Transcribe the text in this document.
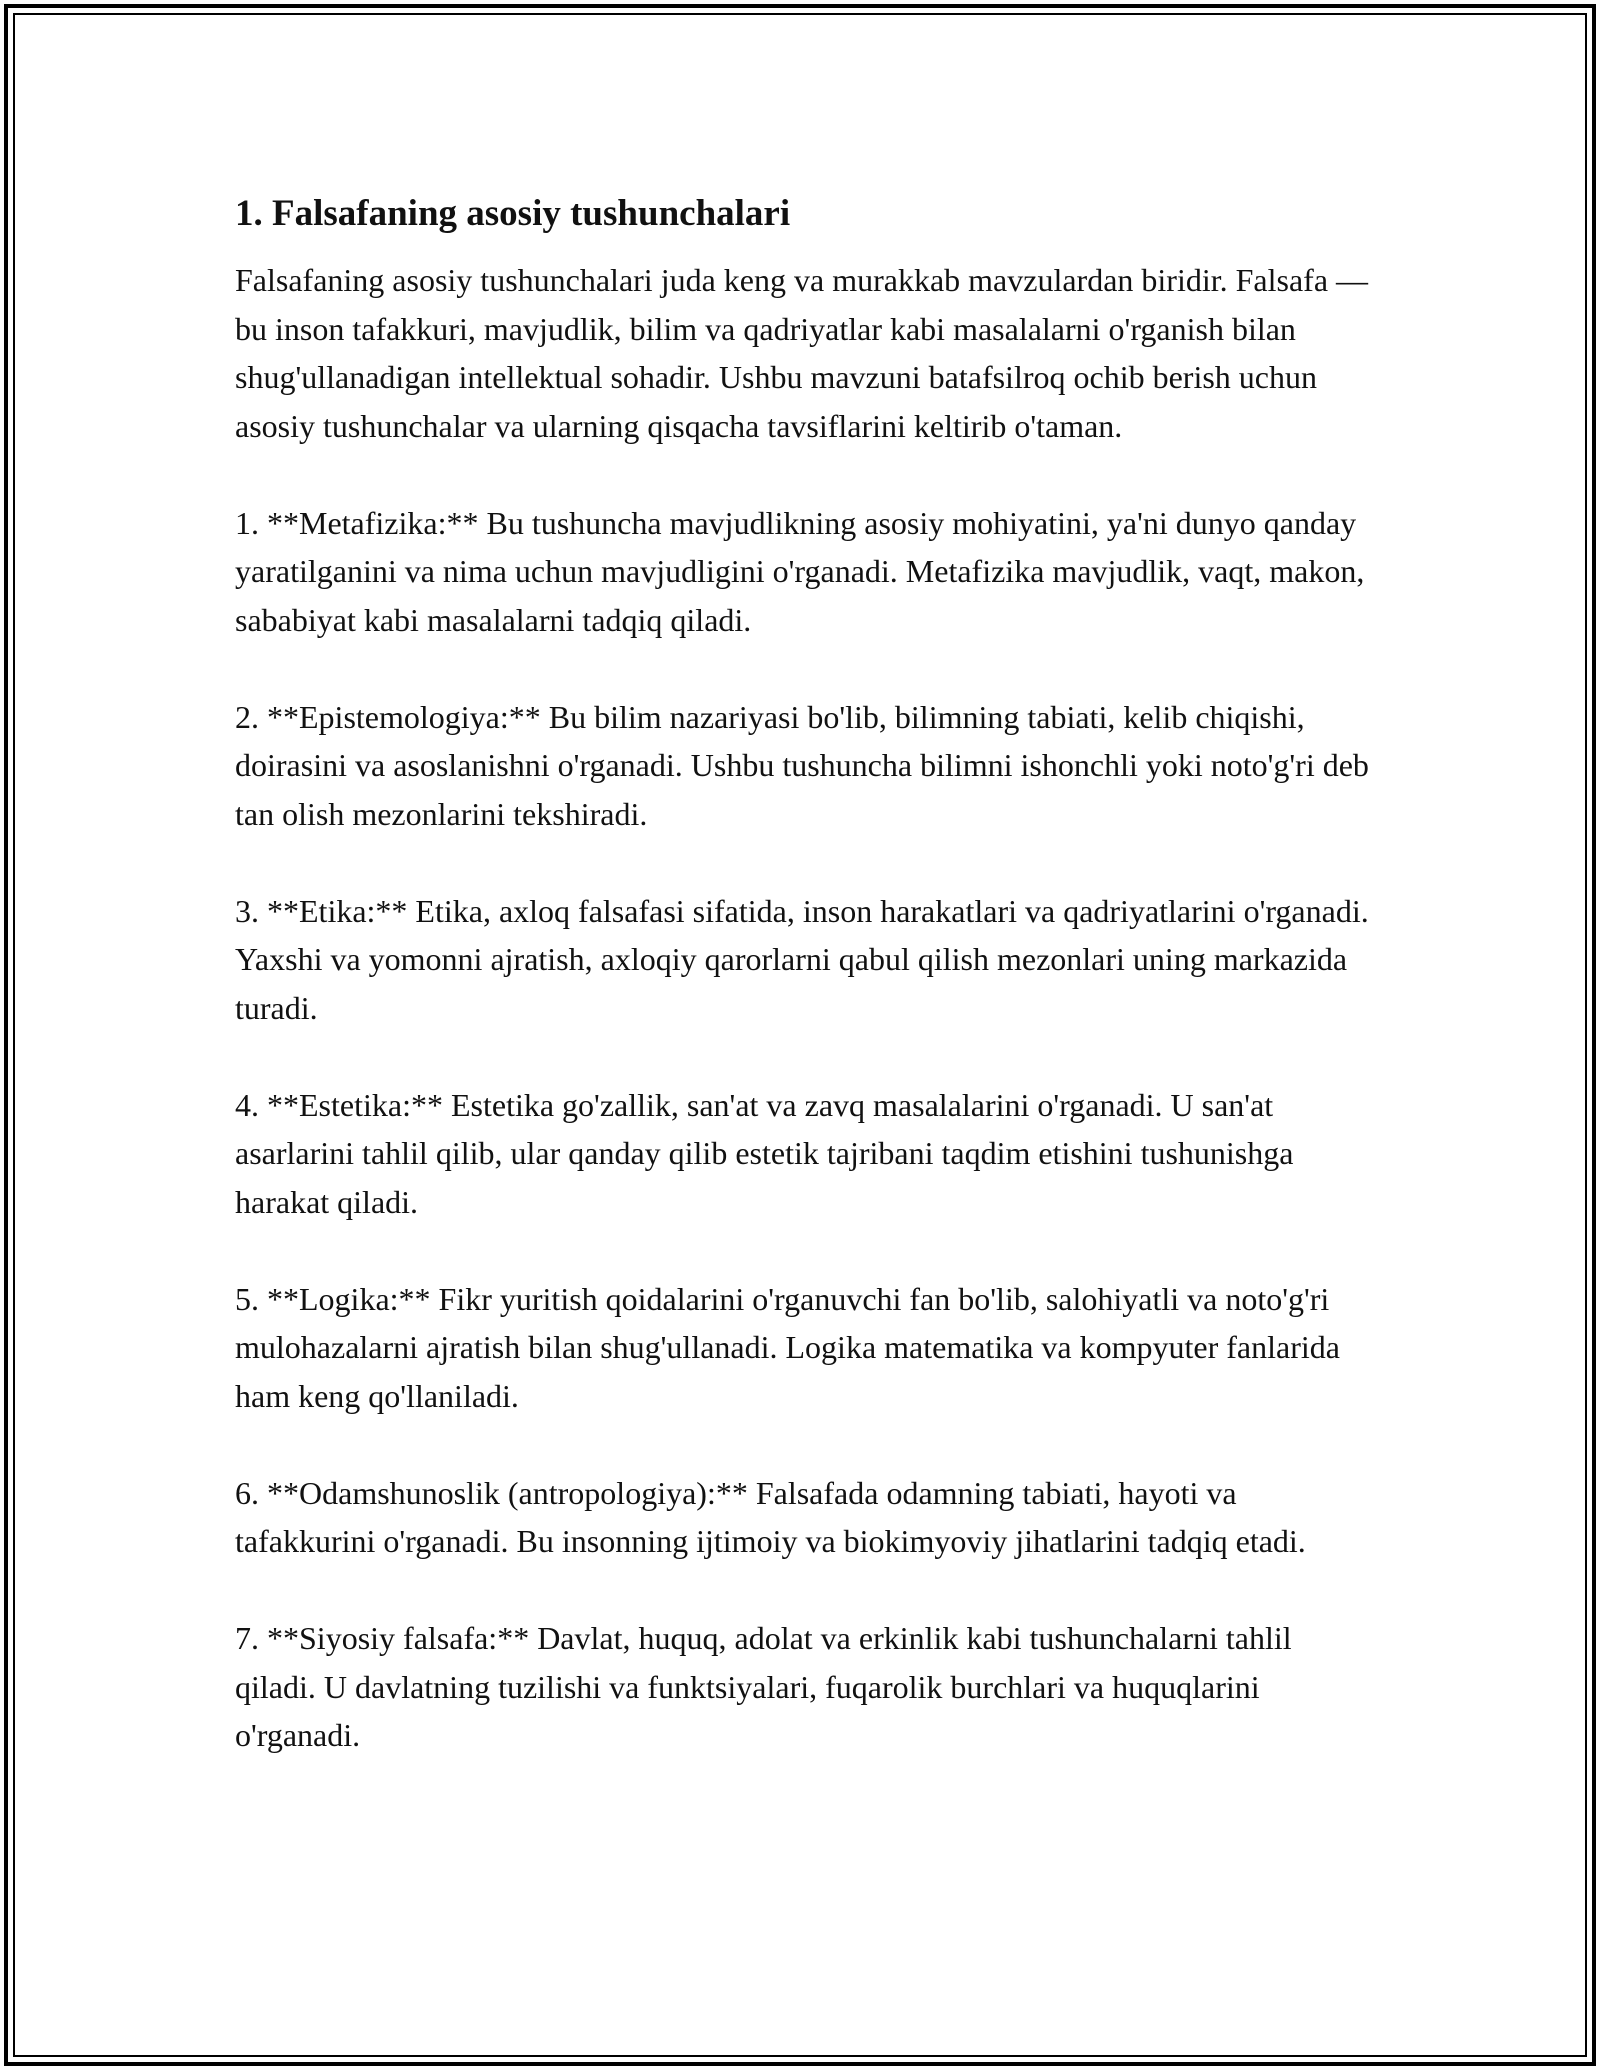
1. Falsafaning asosiy tushunchalari

Falsafaning asosiy tushunchalari juda keng va murakkab mavzulardan biridir. Falsafa — bu inson tafakkuri, mavjudlik, bilim va qadriyatlar kabi masalalarni o'rganish bilan shug'ullanadigan intellektual sohadir. Ushbu mavzuni batafsilroq ochib berish uchun asosiy tushunchalar va ularning qisqacha tavsiflarini keltirib o'taman.

1. **Metafizika:** Bu tushuncha mavjudlikning asosiy mohiyatini, ya'ni dunyo qanday yaratilganini va nima uchun mavjudligini o'rganadi. Metafizika mavjudlik, vaqt, makon, sababiyat kabi masalalarni tadqiq qiladi.

2. **Epistemologiya:** Bu bilim nazariyasi bo'lib, bilimning tabiati, kelib chiqishi, doirasini va asoslanishni o'rganadi. Ushbu tushuncha bilimni ishonchli yoki noto'g'ri deb tan olish mezonlarini tekshiradi.

3. **Etika:** Etika, axloq falsafasi sifatida, inson harakatlari va qadriyatlarini o'rganadi. Yaxshi va yomonni ajratish, axloqiy qarorlarni qabul qilish mezonlari uning markazida turadi.

4. **Estetika:** Estetika go'zallik, san'at va zavq masalalarini o'rganadi. U san'at asarlarini tahlil qilib, ular qanday qilib estetik tajribani taqdim etishini tushunishga harakat qiladi.

5. **Logika:** Fikr yuritish qoidalarini o'rganuvchi fan bo'lib, salohiyatli va noto'g'ri mulohazalarni ajratish bilan shug'ullanadi. Logika matematika va kompyuter fanlarida ham keng qo'llaniladi.

6. **Odamshunoslik (antropologiya):** Falsafada odamning tabiati, hayoti va tafakkurini o'rganadi. Bu insonning ijtimoiy va biokimyoviy jihatlarini tadqiq etadi.

7. **Siyosiy falsafa:** Davlat, huquq, adolat va erkinlik kabi tushunchalarni tahlil qiladi. U davlatning tuzilishi va funktsiyalari, fuqarolik burchlari va huquqlarini o'rganadi.
